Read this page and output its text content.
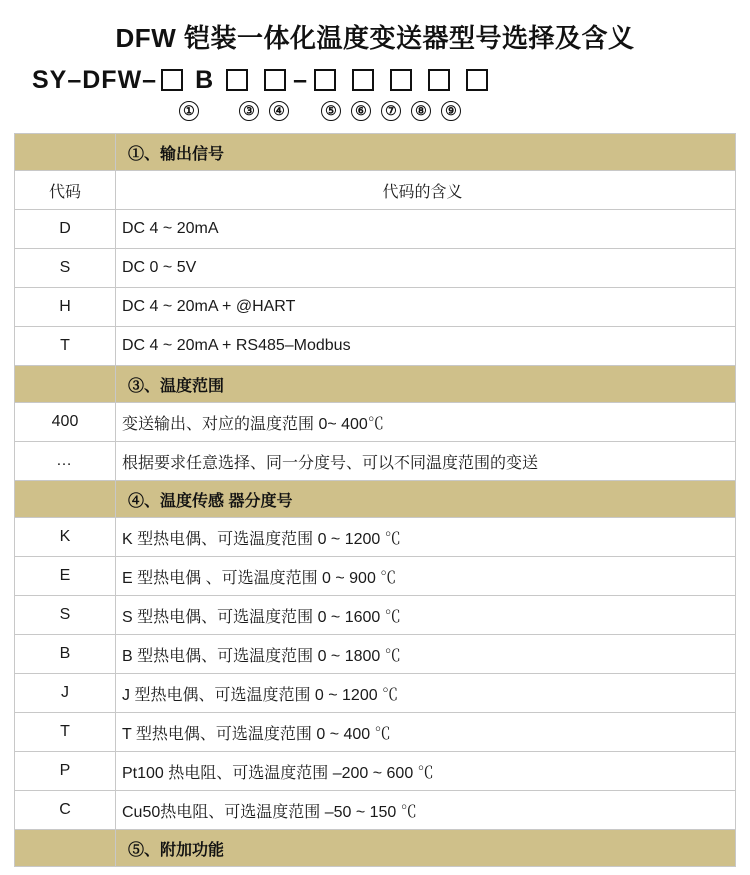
DFW 铠装一体化温度变送器型号选择及含义
SY–DFW– B	–
①	③	④	⑤	⑥	⑦	⑧	⑨
	①、输出信号
代码	代码的含义
D	DC 4 ~ 20mA
S	DC 0 ~ 5V
H	DC 4 ~ 20mA + @HART
T	DC 4 ~ 20mA + RS485–Modbus
	③、温度范围
400	变送输出、对应的温度范围 0~ 400℃
…	根据要求任意选择、同一分度号、可以不同温度范围的变送
	④、温度传感 器分度号
K	K 型热电偶、可选温度范围 0 ~ 1200 ℃
E	E 型热电偶 、可选温度范围 0 ~ 900 ℃
S	S 型热电偶、可选温度范围 0 ~ 1600 ℃
B	B 型热电偶、可选温度范围 0 ~ 1800 ℃
J	J 型热电偶、可选温度范围 0 ~ 1200 ℃
T	T 型热电偶、可选温度范围 0 ~ 400 ℃
P	Pt100 热电阻、可选温度范围 –200 ~ 600 ℃
C	Cu50热电阻、可选温度范围 –50 ~ 150 ℃
	⑤、附加功能
